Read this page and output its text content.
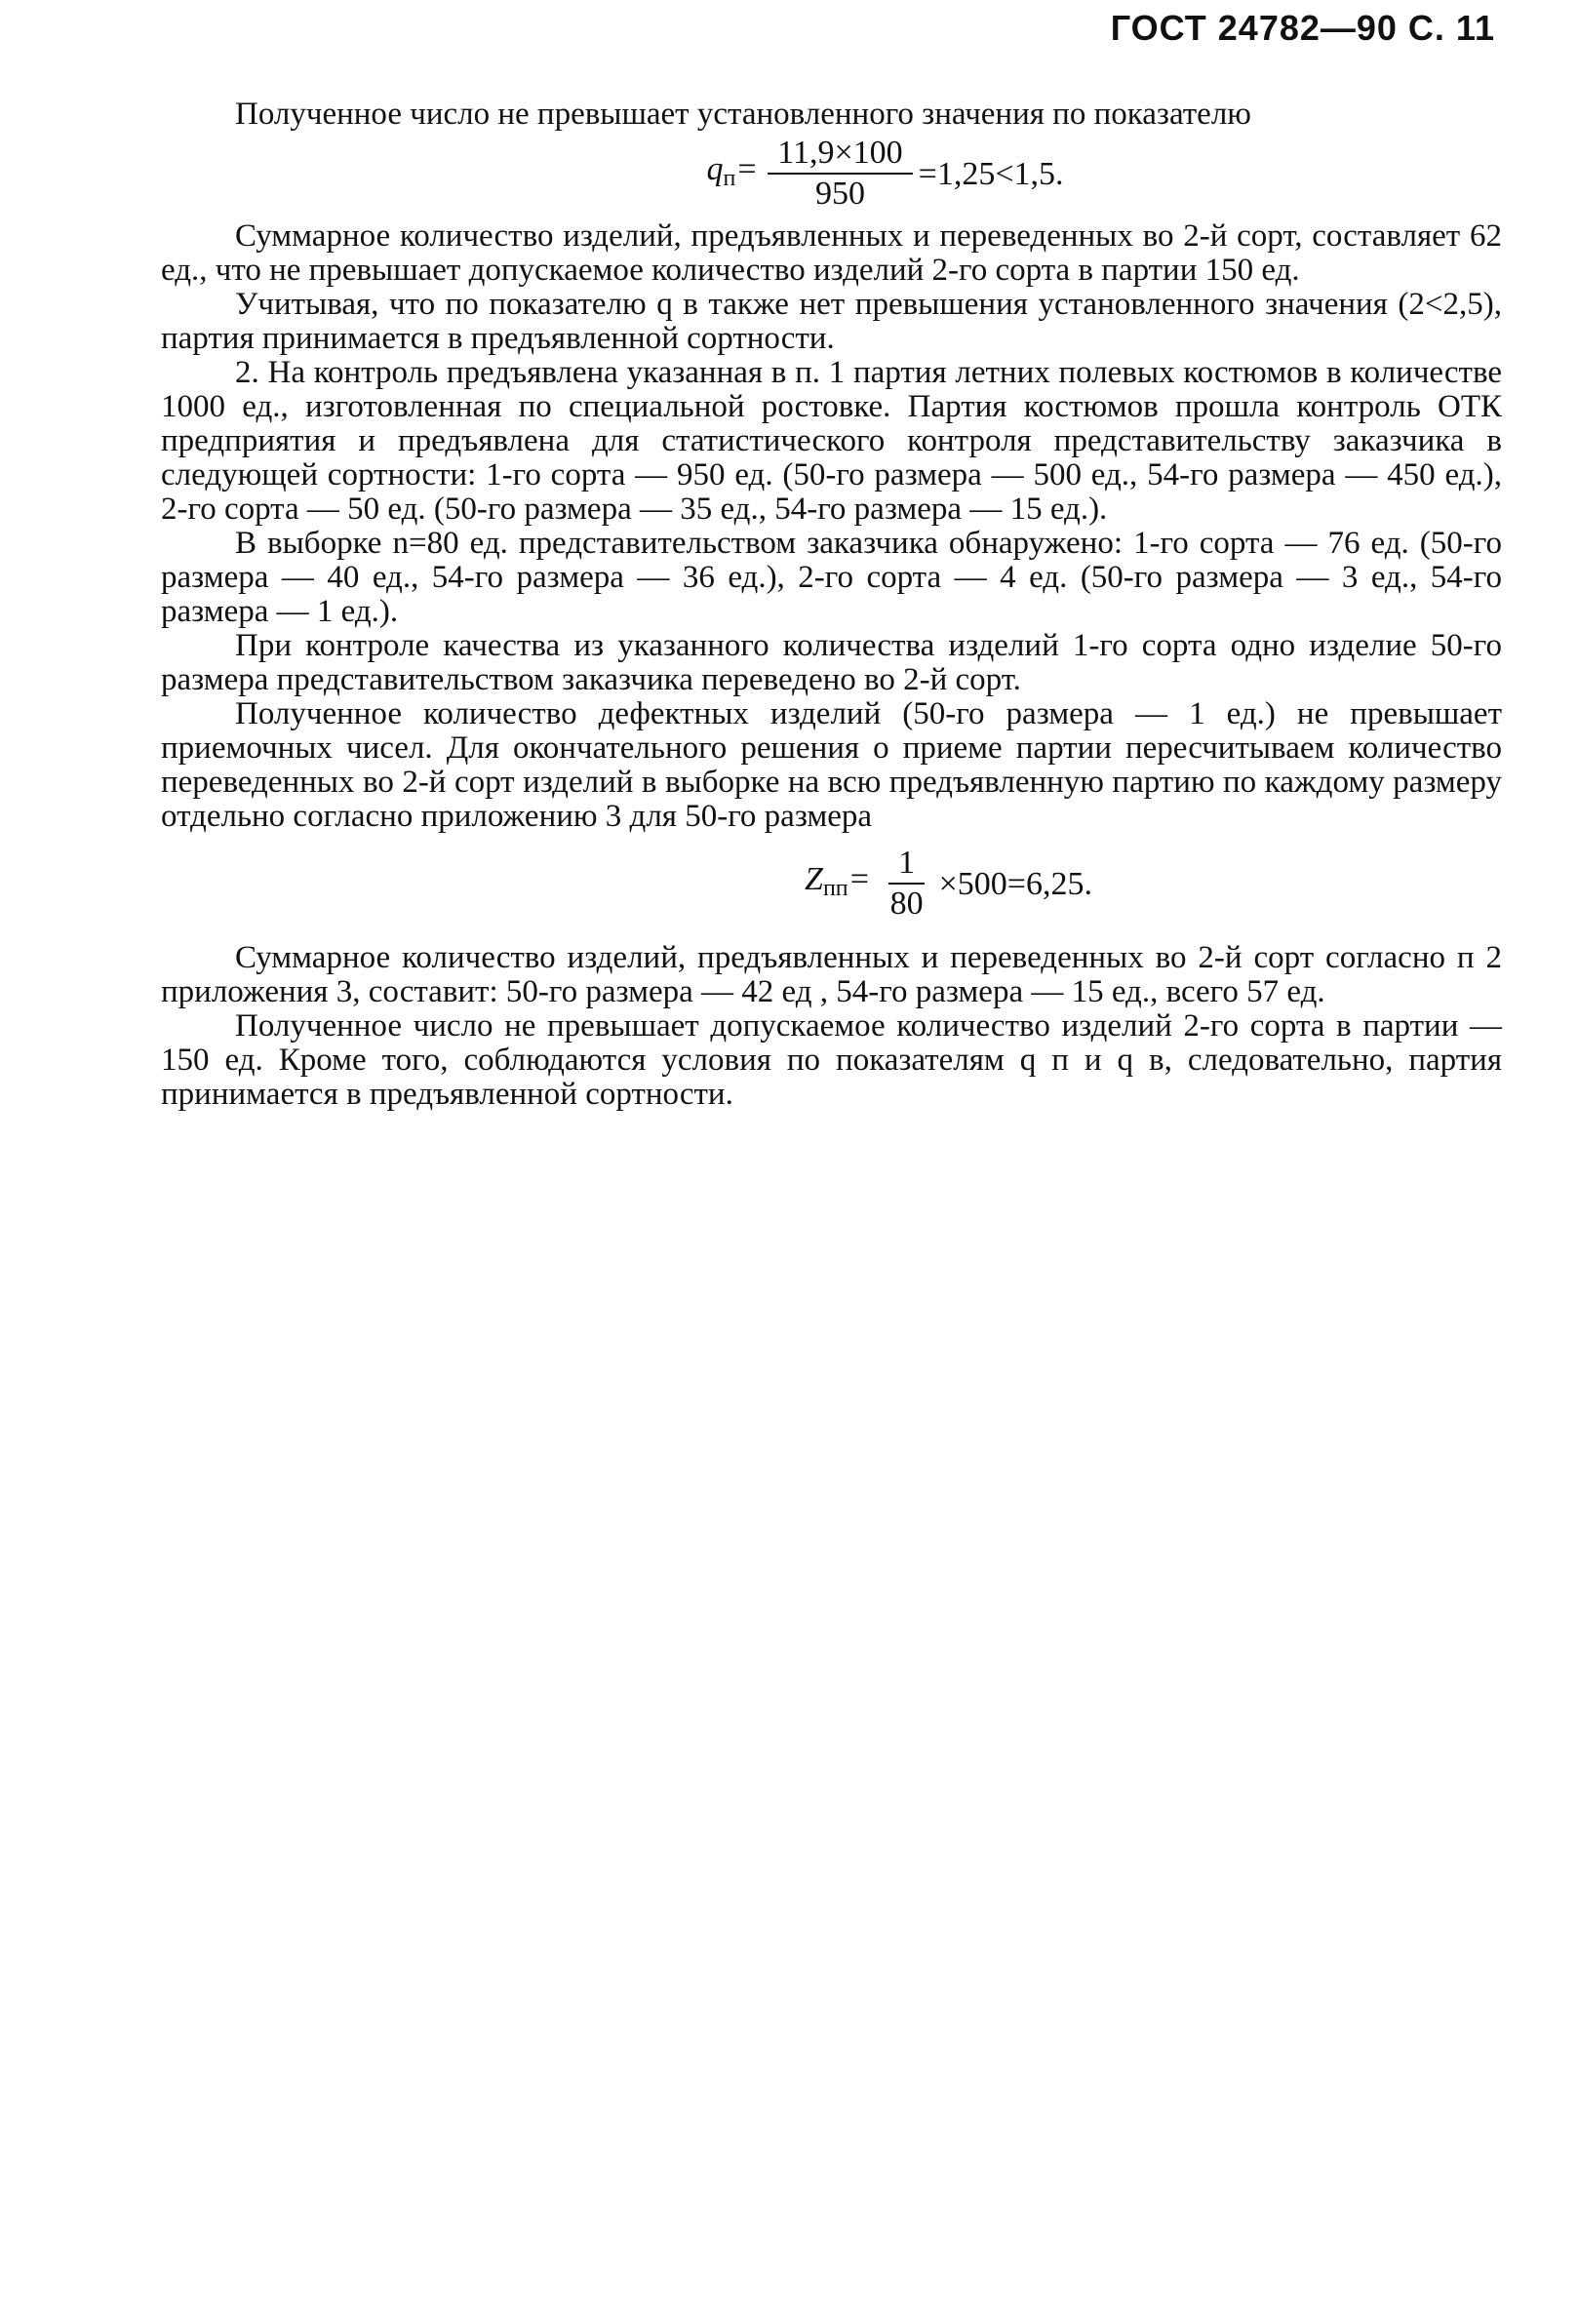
ГОСТ 24782—90 С. 11

Полученное число не превышает установленного значения по показателю

$q_п= \frac{11,9\times 100}{950} =1,25<1,5$.

Суммарное количество изделий, предъявленных и переведенных во 2-й сорт, составляет 62 ед., что не превышает допускаемое количество изделий 2-го сорта в партии 150 ед.

Учитывая, что по показателю q в также нет превышения установленного значения (2<2,5), партия принимается в предъявленной сортности.

2. На контроль предъявлена указанная в п. 1 партия летних полевых костюмов в количестве 1000 ед., изготовленная по специальной ростовке. Партия костюмов прошла контроль ОТК предприятия и предъявлена для статистического контроля представительству заказчика в следующей сортности: 1-го сорта — 950 ед. (50-го размера — 500 ед., 54-го размера — 450 ед.), 2-го сорта — 50 ед. (50-го размера — 35 ед., 54-го размера — 15 ед.).

В выборке n=80 ед. представительством заказчика обнаружено: 1-го сорта — 76 ед. (50-го размера — 40 ед., 54-го размера — 36 ед.), 2-го сорта — 4 ед. (50-го размера — 3 ед., 54-го размера — 1 ед.).

При контроле качества из указанного количества изделий 1-го сорта одно изделие 50-го размера представительством заказчика переведено во 2-й сорт.

Полученное количество дефектных изделий (50-го размера — 1 ед.) не превышает приемочных чисел. Для окончательного решения о приеме партии пересчитываем количество переведенных во 2-й сорт изделий в выборке на всю предъявленную партию по каждому размеру отдельно согласно приложению 3 для 50-го размера

$Z_{пп}= \frac{1}{80} \times 500=6,25$.

Суммарное количество изделий, предъявленных и переведенных во 2-й сорт согласно п 2 приложения 3, составит: 50-го размера — 42 ед , 54-го размера — 15 ед., всего 57 ед.

Полученное число не превышает допускаемое количество изделий 2-го сорта в партии — 150 ед. Кроме того, соблюдаются условия по показателям q п и q в, следовательно, партия принимается в предъявленной сортности.
